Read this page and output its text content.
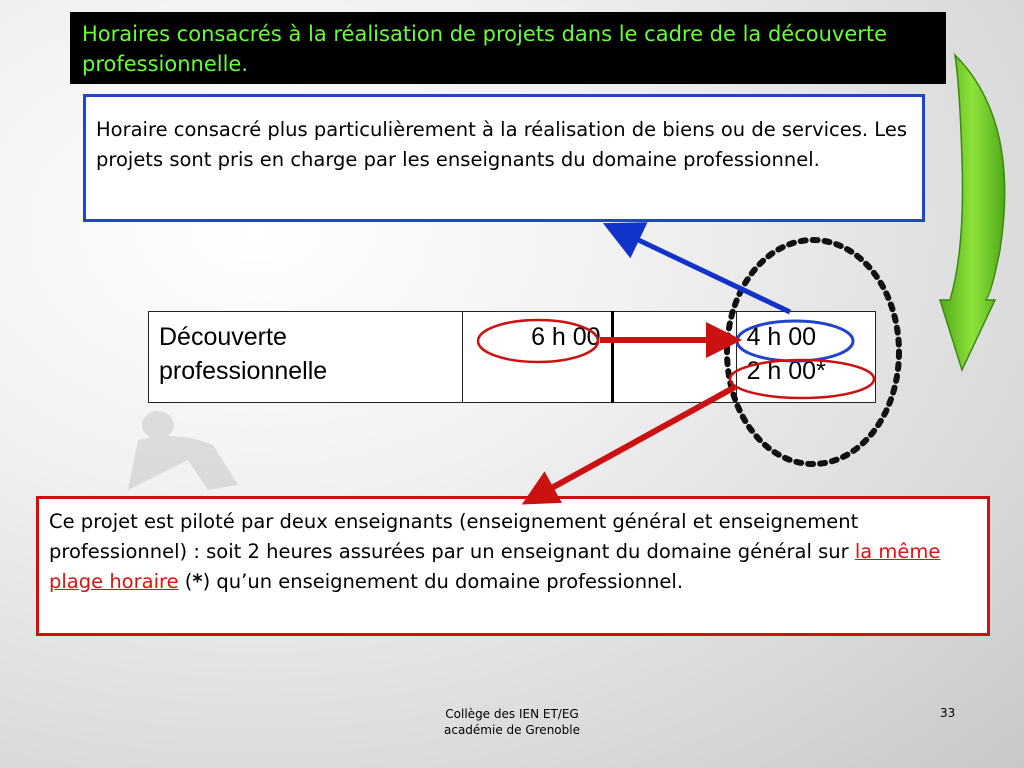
Horaires consacrés à la réalisation de projets dans le cadre de la découverte professionnelle.
Horaire consacré plus particulièrement à la réalisation de biens ou de services. Les projets sont pris en charge par les enseignants du domaine professionnel.
Découverte professionnelle	6 h 00		4 h 00
2 h 00*
Ce projet est piloté par deux enseignants (enseignement général et enseignement professionnel) : soit 2 heures assurées par un enseignant du domaine général sur la même plage horaire (*) qu’un enseignement du domaine professionnel.
Collège des IEN ET/EG
académie de Grenoble
33
